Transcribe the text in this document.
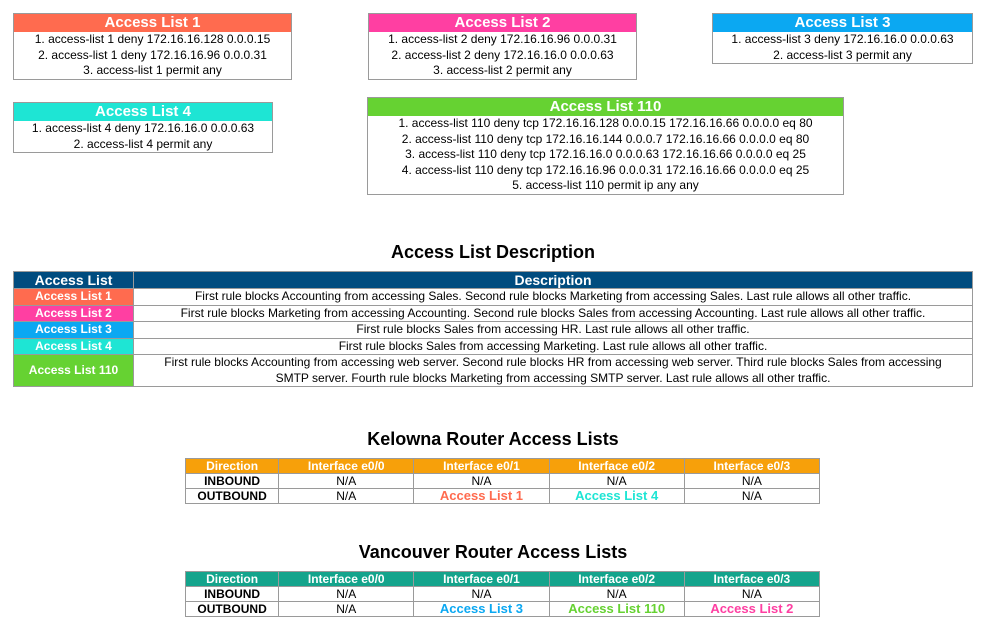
Access List 1
1. access-list 1 deny 172.16.16.128 0.0.0.15
2. access-list 1 deny 172.16.16.96 0.0.0.31
3. access-list 1 permit any
Access List 2
1. access-list 2 deny 172.16.16.96 0.0.0.31
2. access-list 2 deny 172.16.16.0 0.0.0.63
3. access-list 2 permit any
Access List 3
1. access-list 3 deny 172.16.16.0 0.0.0.63
2. access-list 3 permit any
Access List 4
1. access-list 4 deny 172.16.16.0 0.0.0.63
2. access-list 4 permit any
Access List 110
1. access-list 110 deny tcp 172.16.16.128 0.0.0.15 172.16.16.66 0.0.0.0 eq 80
2. access-list 110 deny tcp 172.16.16.144 0.0.0.7 172.16.16.66 0.0.0.0 eq 80
3. access-list 110 deny tcp 172.16.16.0 0.0.0.63 172.16.16.66 0.0.0.0 eq 25
4. access-list 110 deny tcp 172.16.16.96 0.0.0.31 172.16.16.66 0.0.0.0 eq 25
5. access-list 110 permit ip any any
Access List Description
Access List	Description
Access List 1	First rule blocks Accounting from accessing Sales. Second rule blocks Marketing from accessing Sales. Last rule allows all other traffic.
Access List 2	First rule blocks Marketing from accessing Accounting. Second rule blocks Sales from accessing Accounting. Last rule allows all other traffic.
Access List 3	First rule blocks Sales from accessing HR. Last rule allows all other traffic.
Access List 4	First rule blocks Sales from accessing Marketing. Last rule allows all other traffic.
Access List 110	First rule blocks Accounting from accessing web server. Second rule blocks HR from accessing web server. Third rule blocks Sales from accessing SMTP server. Fourth rule blocks Marketing from accessing SMTP server. Last rule allows all other traffic.
Kelowna Router Access Lists
Direction	Interface e0/0	Interface e0/1	Interface e0/2	Interface e0/3
INBOUND	N/A	N/A	N/A	N/A
OUTBOUND	N/A	Access List 1	Access List 4	N/A
Vancouver Router Access Lists
Direction	Interface e0/0	Interface e0/1	Interface e0/2	Interface e0/3
INBOUND	N/A	N/A	N/A	N/A
OUTBOUND	N/A	Access List 3	Access List 110	Access List 2
